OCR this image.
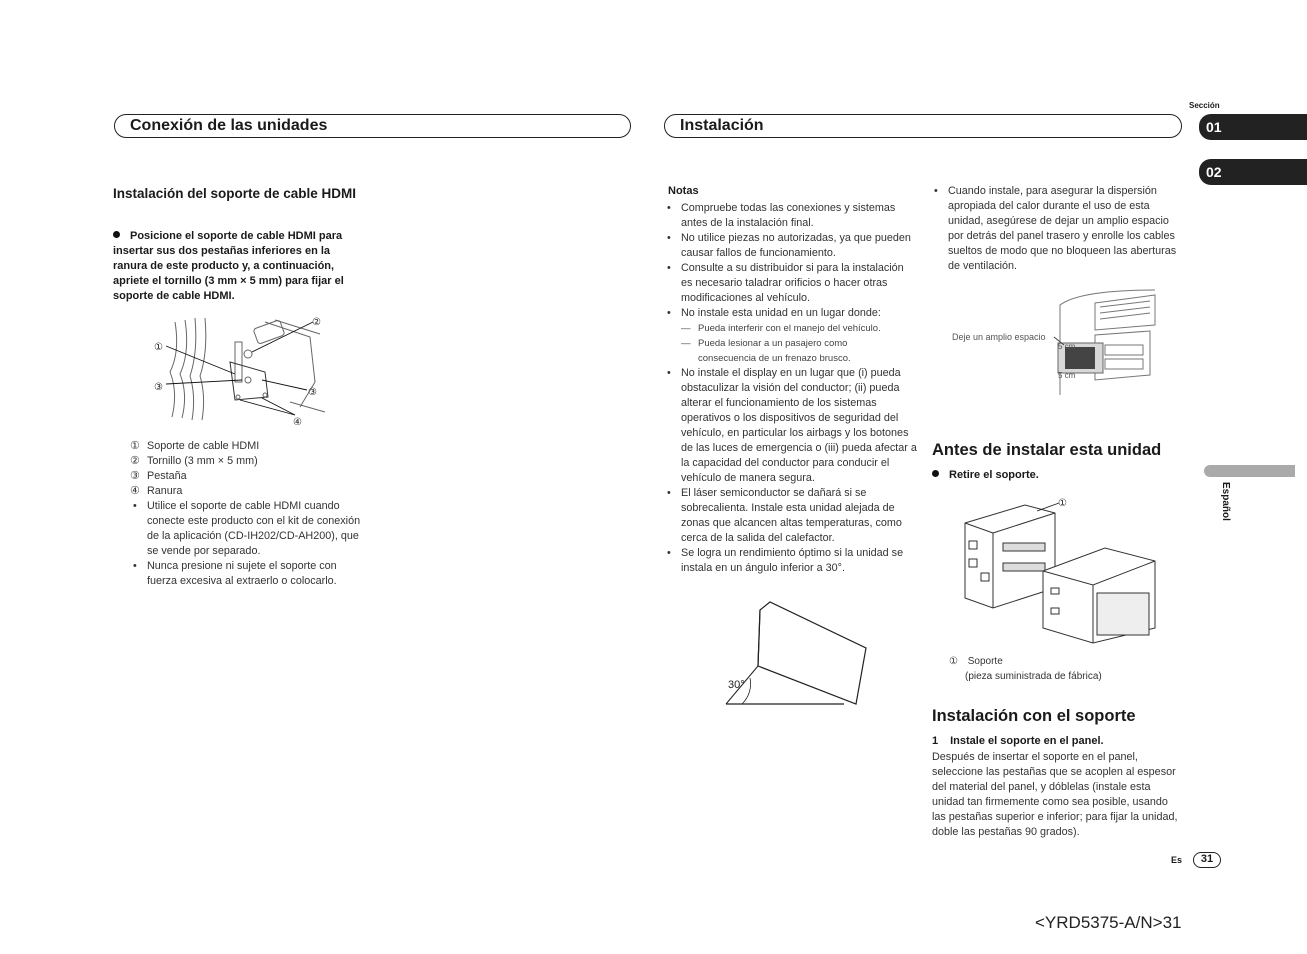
Conexión de las unidades	Instalación
Sección
01
02
Español
Instalación del soporte de cable HDMI
Posicione el soporte de cable HDMI para insertar sus dos pestañas inferiores en la ranura de este producto y, a continuación, apriete el tornillo (3 mm × 5 mm) para fijar el soporte de cable HDMI.
①
②
③	③
④
① Soporte de cable HDMI
② Tornillo (3 mm × 5 mm)
③ Pestaña
④ Ranura
• Utilice el soporte de cable HDMI cuando conecte este producto con el kit de conexión de la aplicación (CD-IH202/CD-AH200), que se vende por separado.
• Nunca presione ni sujete el soporte con fuerza excesiva al extraerlo o colocarlo.
Notas
• Compruebe todas las conexiones y sistemas antes de la instalación final.
• No utilice piezas no autorizadas, ya que pueden causar fallos de funcionamiento.
• Consulte a su distribuidor si para la instalación es necesario taladrar orificios o hacer otras modificaciones al vehículo.
• No instale esta unidad en un lugar donde:
— Pueda interferir con el manejo del vehículo.
— Pueda lesionar a un pasajero como consecuencia de un frenazo brusco.
• No instale el display en un lugar que (i) pueda obstaculizar la visión del conductor; (ii) pueda alterar el funcionamiento de los sistemas operativos o los dispositivos de seguridad del vehículo, en particular los airbags y los botones de las luces de emergencia o (iii) pueda afectar a la capacidad del conductor para conducir el vehículo de manera segura.
• El láser semiconductor se dañará si se sobrecalienta. Instale esta unidad alejada de zonas que alcancen altas temperaturas, como cerca de la salida del calefactor.
• Se logra un rendimiento óptimo si la unidad se instala en un ángulo inferior a 30°.
30°
• Cuando instale, para asegurar la dispersión apropiada del calor durante el uso de esta unidad, asegúrese de dejar un amplio espacio por detrás del panel trasero y enrolle los cables sueltos de modo que no bloqueen las aberturas de ventilación.
Deje un amplio espacio
5 cm
5 cm
Antes de instalar esta unidad
Retire el soporte.
①
① Soporte
(pieza suministrada de fábrica)
Instalación con el soporte
1 Instale el soporte en el panel.
Después de insertar el soporte en el panel, seleccione las pestañas que se acoplen al espesor del material del panel, y dóblelas (instale esta unidad tan firmemente como sea posible, usando las pestañas superior e inferior; para fijar la unidad, doble las pestañas 90 grados).
Es	31
<YRD5375-A/N>31
